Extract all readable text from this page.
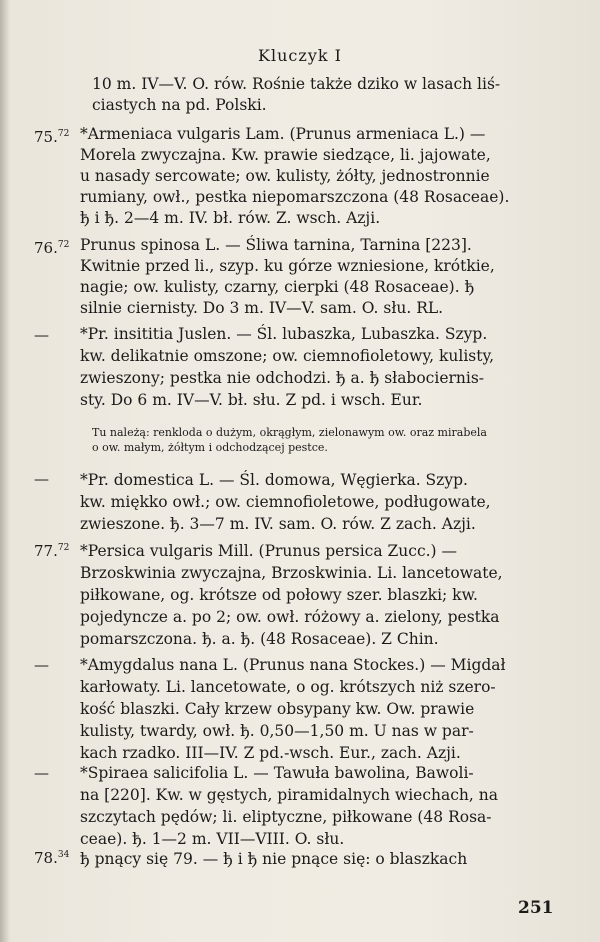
Kluczyk I
75.72
76.72
—
—
77.72
—
—
78.34
10 m. IV—V. O. rów. Rośnie także dziko w lasach liś-
ciastych na pd. Polski.
*Armeniaca vulgaris Lam. (Prunus armeniaca L.) —
Morela zwyczajna. Kw. prawie siedzące, li. jajowate,
u nasady sercowate; ow. kulisty, żółty, jednostronnie
rumiany, owł., pestka niepomarszczona (48 Rosaceae).
ђ i ђ. 2—4 m. IV. bł. rów. Z. wsch. Azji.
Prunus spinosa L. — Śliwa tarnina, Tarnina [223].
Kwitnie przed li., szyp. ku górze wzniesione, krótkie,
nagie; ow. kulisty, czarny, cierpki (48 Rosaceae). ђ
silnie ciernisty. Do 3 m. IV—V. sam. O. słu. RL.
*Pr. insititia Juslen. — Śl. lubaszka, Lubaszka. Szyp.
kw. delikatnie omszone; ow. ciemnofioletowy, kulisty,
zwieszony; pestka nie odchodzi. ђ a. ђ słabociernis-
sty. Do 6 m. IV—V. bł. słu. Z pd. i wsch. Eur.
Tu należą: renklodа o dużym, okrągłym, zielonawym ow. oraz mirabela
o ow. małym, żółtym i odchodzącej pestce.
*Pr. domestica L. — Śl. domowa, Węgierka. Szyp.
kw. miękko owł.; ow. ciemnofioletowe, podługowate,
zwieszone. ђ. 3—7 m. IV. sam. O. rów. Z zach. Azji.
*Persica vulgaris Mill. (Prunus persica Zucc.) —
Brzoskwinia zwyczajna, Brzoskwinia. Li. lancetowate,
piłkowane, og. krótsze od połowy szer. blaszki; kw.
pojedyncze a. po 2; ow. owł. różowy a. zielony, pestka
pomarszczona. ђ. a. ђ. (48 Rosaceae). Z Chin.
*Amygdalus nana L. (Prunus nana Stockes.) — Migdał
karłowaty. Li. lancetowate, o og. krótszych niż szero-
kość blaszki. Cały krzew obsypany kw. Ow. prawie
kulisty, twardy, owł. ђ. 0,50—1,50 m. U nas w par-
kach rzadko. III—IV. Z pd.-wsch. Eur., zach. Azji.
*Spiraea salicifolia L. — Tawuła bawolina, Bawoli-
na [220]. Kw. w gęstych, piramidalnych wiechach, na
szczytach pędów; li. eliptyczne, piłkowane (48 Rosa-
ceae). ђ. 1—2 m. VII—VIII. O. słu.
ђ pnący się 79. — ђ i ђ nie pnące się: o blaszkach
251
